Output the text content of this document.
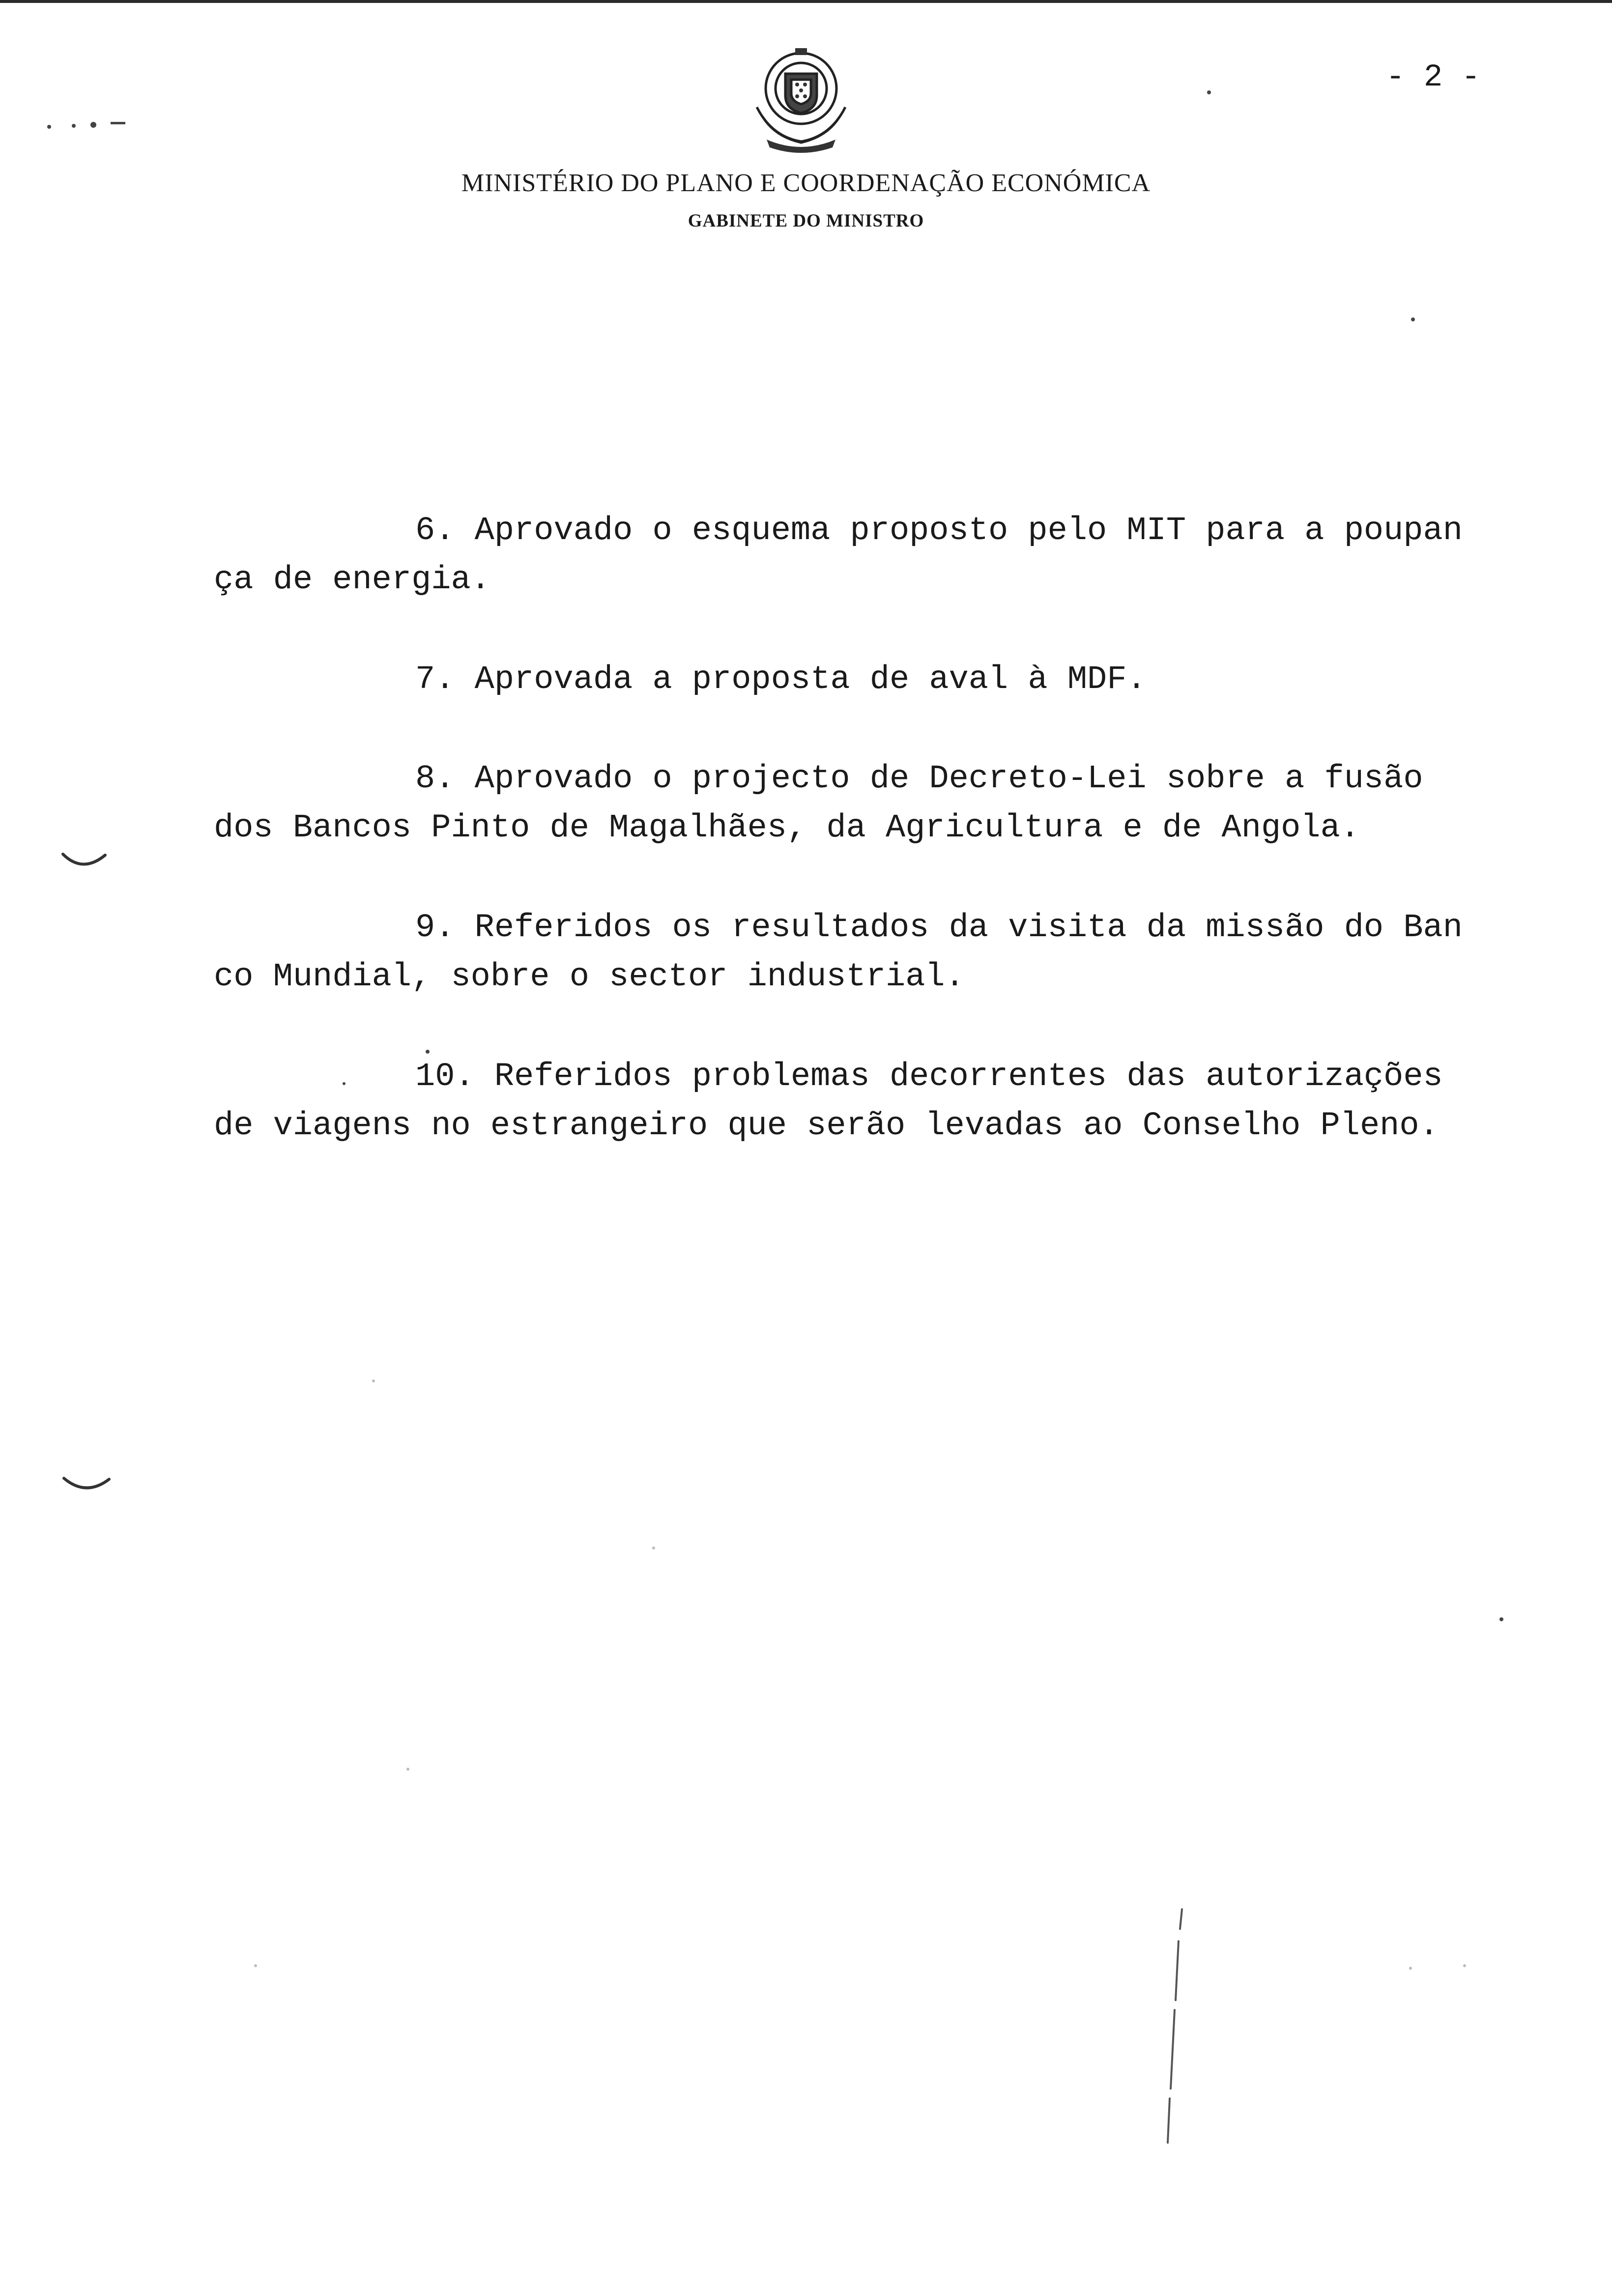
- 2 -
MINISTÉRIO DO PLANO E COORDENAÇÃO ECONÓMICA
GABINETE DO MINISTRO
6. Aprovado o esquema proposto pelo MIT para a poupan
ça de energia.
7. Aprovada a proposta de aval à MDF.
8. Aprovado o projecto de Decreto-Lei sobre a fusão
dos Bancos Pinto de Magalhães, da Agricultura e de Angola.
9. Referidos os resultados da visita da missão do Ban
co Mundial, sobre o sector industrial.
10. Referidos problemas decorrentes das autorizações
de viagens no estrangeiro que serão levadas ao Conselho Pleno.
